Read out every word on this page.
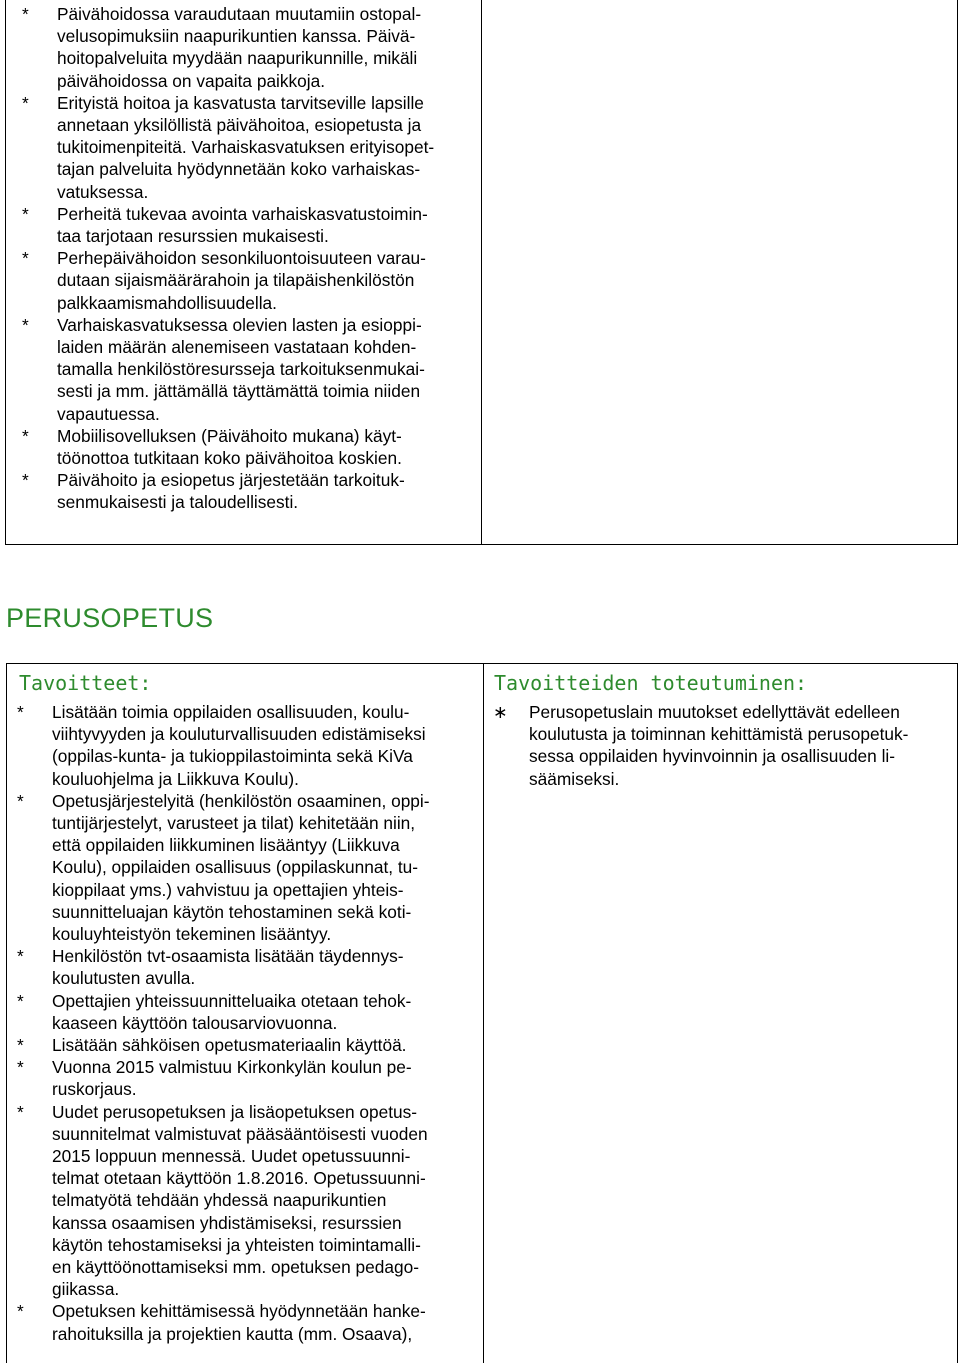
* Päivähoidossa varaudutaan muutamiin ostopal-
velusopimuksiin naapurikuntien kanssa. Päivä-
hoitopalveluita myydään naapurikunnille, mikäli
päivähoidossa on vapaita paikkoja.
* Erityistä hoitoa ja kasvatusta tarvitseville lapsille
annetaan yksilöllistä päivähoitoa, esiopetusta ja
tukitoimenpiteitä. Varhaiskasvatuksen erityisopet-
tajan palveluita hyödynnetään koko varhaiskas-
vatuksessa.
* Perheitä tukevaa avointa varhaiskasvatustoimin-
taa tarjotaan resurssien mukaisesti.
* Perhepäivähoidon sesonkiluontoisuuteen varau-
dutaan sijaismäärärahoin ja tilapäishenkilöstön
palkkaamismahdollisuudella.
* Varhaiskasvatuksessa olevien lasten ja esioppi-
laiden määrän alenemiseen vastataan kohden-
tamalla henkilöstöresursseja tarkoituksenmukai-
sesti ja mm. jättämällä täyttämättä toimia niiden
vapautuessa.
* Mobiilisovelluksen (Päivähoito mukana) käyt-
töönottoa tutkitaan koko päivähoitoa koskien.
* Päivähoito ja esiopetus järjestetään tarkoituk-
senmukaisesti ja taloudellisesti.
PERUSOPETUS
Tavoitteet:
* Lisätään toimia oppilaiden osallisuuden, koulu-
viihtyvyyden ja kouluturvallisuuden edistämiseksi
(oppilas-kunta- ja tukioppilastoiminta sekä KiVa
kouluohjelma ja Liikkuva Koulu).
* Opetusjärjestelyitä (henkilöstön osaaminen, oppi-
tuntijärjestelyt, varusteet ja tilat) kehitetään niin,
että oppilaiden liikkuminen lisääntyy (Liikkuva
Koulu), oppilaiden osallisuus (oppilaskunnat, tu-
kioppilaat yms.) vahvistuu ja opettajien yhteis-
suunnitteluajan käytön tehostaminen sekä koti-
kouluyhteistyön tekeminen lisääntyy.
* Henkilöstön tvt-osaamista lisätään täydennys-
koulutusten avulla.
* Opettajien yhteissuunnitteluaika otetaan tehok-
kaaseen käyttöön talousarviovuonna.
* Lisätään sähköisen opetusmateriaalin käyttöä.
* Vuonna 2015 valmistuu Kirkonkylän koulun pe-
ruskorjaus.
* Uudet perusopetuksen ja lisäopetuksen opetus-
suunnitelmat valmistuvat pääsääntöisesti vuoden
2015 loppuun mennessä. Uudet opetussuunni-
telmat otetaan käyttöön 1.8.2016. Opetussuunni-
telmatyötä tehdään yhdessä naapurikuntien
kanssa osaamisen yhdistämiseksi, resurssien
käytön tehostamiseksi ja yhteisten toimintamalli-
en käyttöönottamiseksi mm. opetuksen pedago-
giikassa.
* Opetuksen kehittämisessä hyödynnetään hanke-
rahoituksilla ja projektien kautta (mm. Osaava),
Tavoitteiden toteutuminen:
∗ Perusopetuslain muutokset edellyttävät edelleen
koulutusta ja toiminnan kehittämistä perusopetuk-
sessa oppilaiden hyvinvoinnin ja osallisuuden li-
säämiseksi.
